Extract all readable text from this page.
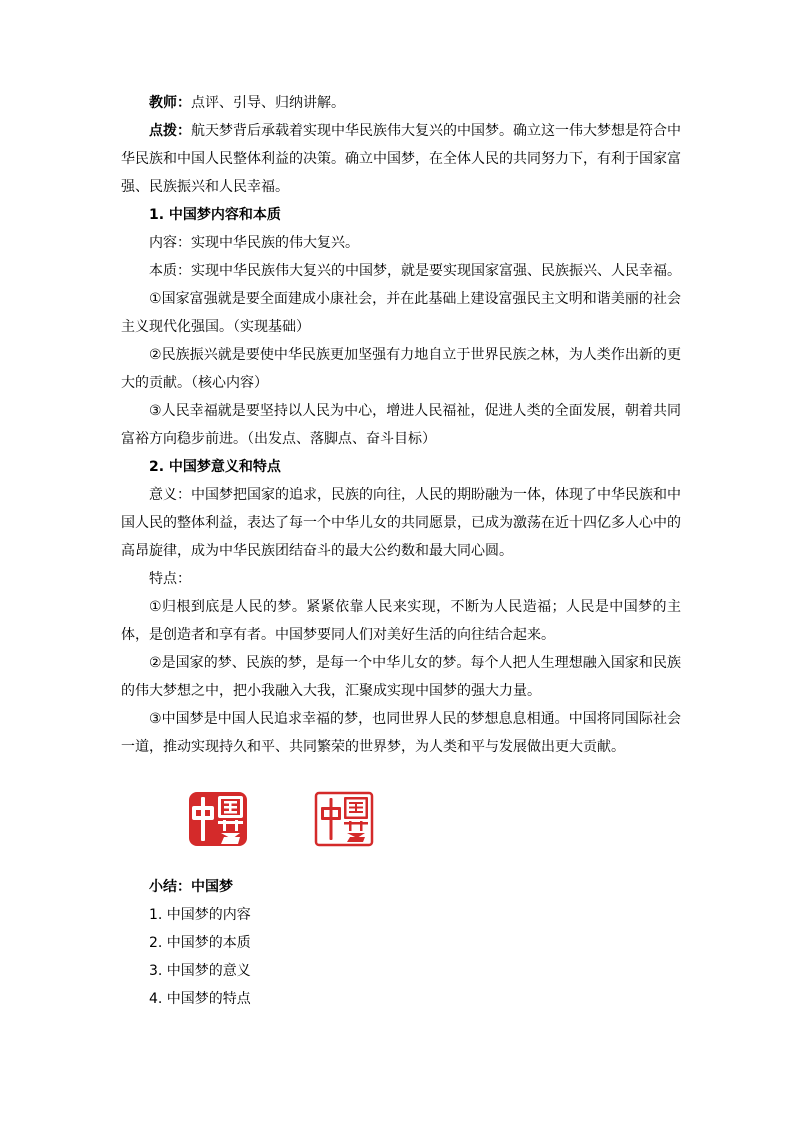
教师：点评、引导、归纳讲解。

点拨：航天梦背后承载着实现中华民族伟大复兴的中国梦。确立这一伟大梦想是符合中华民族和中国人民整体利益的决策。确立中国梦，在全体人民的共同努力下，有利于国家富强、民族振兴和人民幸福。

1. 中国梦内容和本质

内容：实现中华民族的伟大复兴。

本质：实现中华民族伟大复兴的中国梦，就是要实现国家富强、民族振兴、人民幸福。

①国家富强就是要全面建成小康社会，并在此基础上建设富强民主文明和谐美丽的社会主义现代化强国。（实现基础）

②民族振兴就是要使中华民族更加坚强有力地自立于世界民族之林，为人类作出新的更大的贡献。（核心内容）

③人民幸福就是要坚持以人民为中心，增进人民福祉，促进人类的全面发展，朝着共同富裕方向稳步前进。（出发点、落脚点、奋斗目标）

2. 中国梦意义和特点

意义：中国梦把国家的追求，民族的向往，人民的期盼融为一体，体现了中华民族和中国人民的整体利益，表达了每一个中华儿女的共同愿景，已成为激荡在近十四亿多人心中的高昂旋律，成为中华民族团结奋斗的最大公约数和最大同心圆。

特点：

①归根到底是人民的梦。紧紧依靠人民来实现，不断为人民造福；人民是中国梦的主体，是创造者和享有者。中国梦要同人们对美好生活的向往结合起来。

②是国家的梦、民族的梦，是每一个中华儿女的梦。每个人把人生理想融入国家和民族的伟大梦想之中，把小我融入大我，汇聚成实现中国梦的强大力量。

③中国梦是中国人民追求幸福的梦，也同世界人民的梦想息息相通。中国将同国际社会一道，推动实现持久和平、共同繁荣的世界梦，为人类和平与发展做出更大贡献。

小结：中国梦

1. 中国梦的内容

2. 中国梦的本质

3. 中国梦的意义

4. 中国梦的特点
